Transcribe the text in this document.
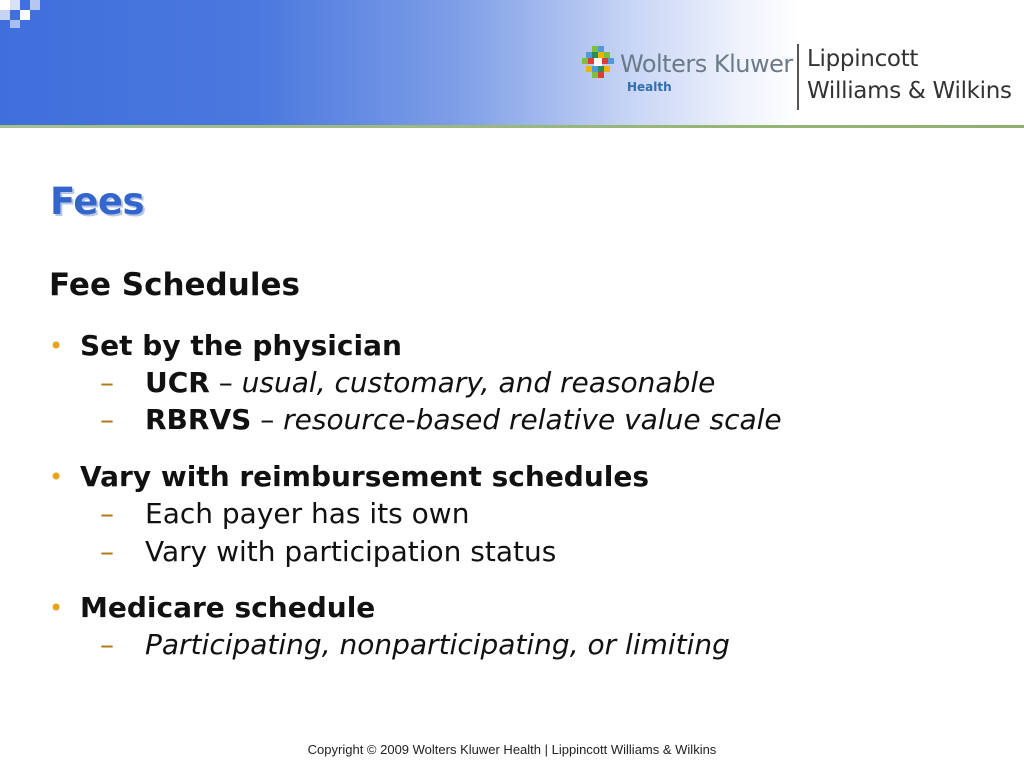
Wolters Kluwer
Health
Lippincott
Williams & Wilkins
Fees
Fee Schedules
• Set by the physician
– UCR – usual, customary, and reasonable
– RBRVS – resource-based relative value scale
• Vary with reimbursement schedules
– Each payer has its own
– Vary with participation status
• Medicare schedule
– Participating, nonparticipating, or limiting
Copyright © 2009 Wolters Kluwer Health | Lippincott Williams & Wilkins
